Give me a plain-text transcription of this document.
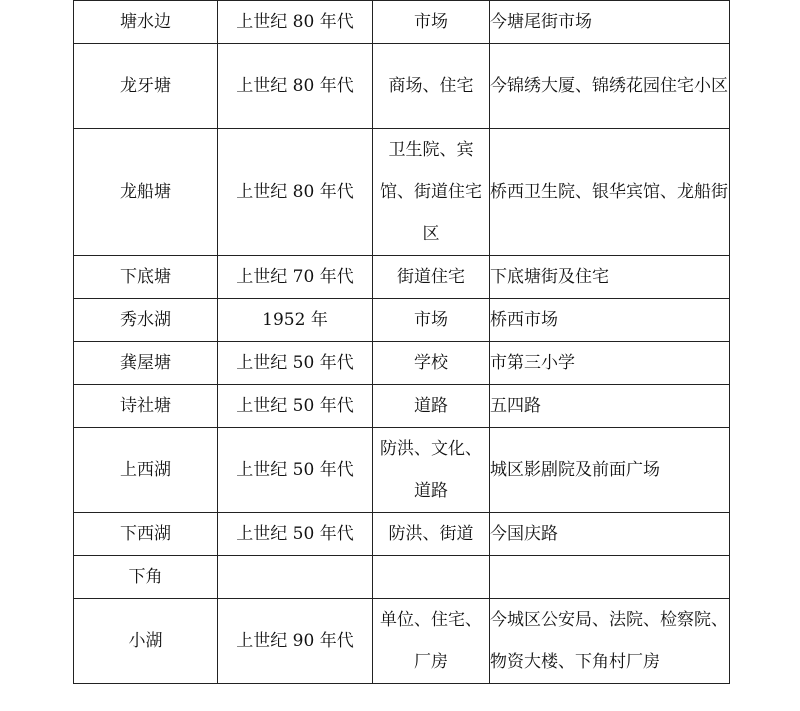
塘水边	上世纪 80 年代	市场	今塘尾街市场

龙牙塘	上世纪 80 年代	商场、住宅	今锦绣大厦、锦绣花园住宅小区

龙船塘	上世纪 80 年代	卫生院、宾馆、街道住宅区	桥西卫生院、银华宾馆、龙船街

下底塘	上世纪 70 年代	街道住宅	下底塘街及住宅

秀水湖	1952 年	市场	桥西市场

龚屋塘	上世纪 50 年代	学校	市第三小学

诗社塘	上世纪 50 年代	道路	五四路

上西湖	上世纪 50 年代	防洪、文化、道路	城区影剧院及前面广场

下西湖	上世纪 50 年代	防洪、街道	今国庆路

下角		

小湖	上世纪 90 年代	单位、住宅、厂房	今城区公安局、法院、检察院、物资大楼、下角村厂房
